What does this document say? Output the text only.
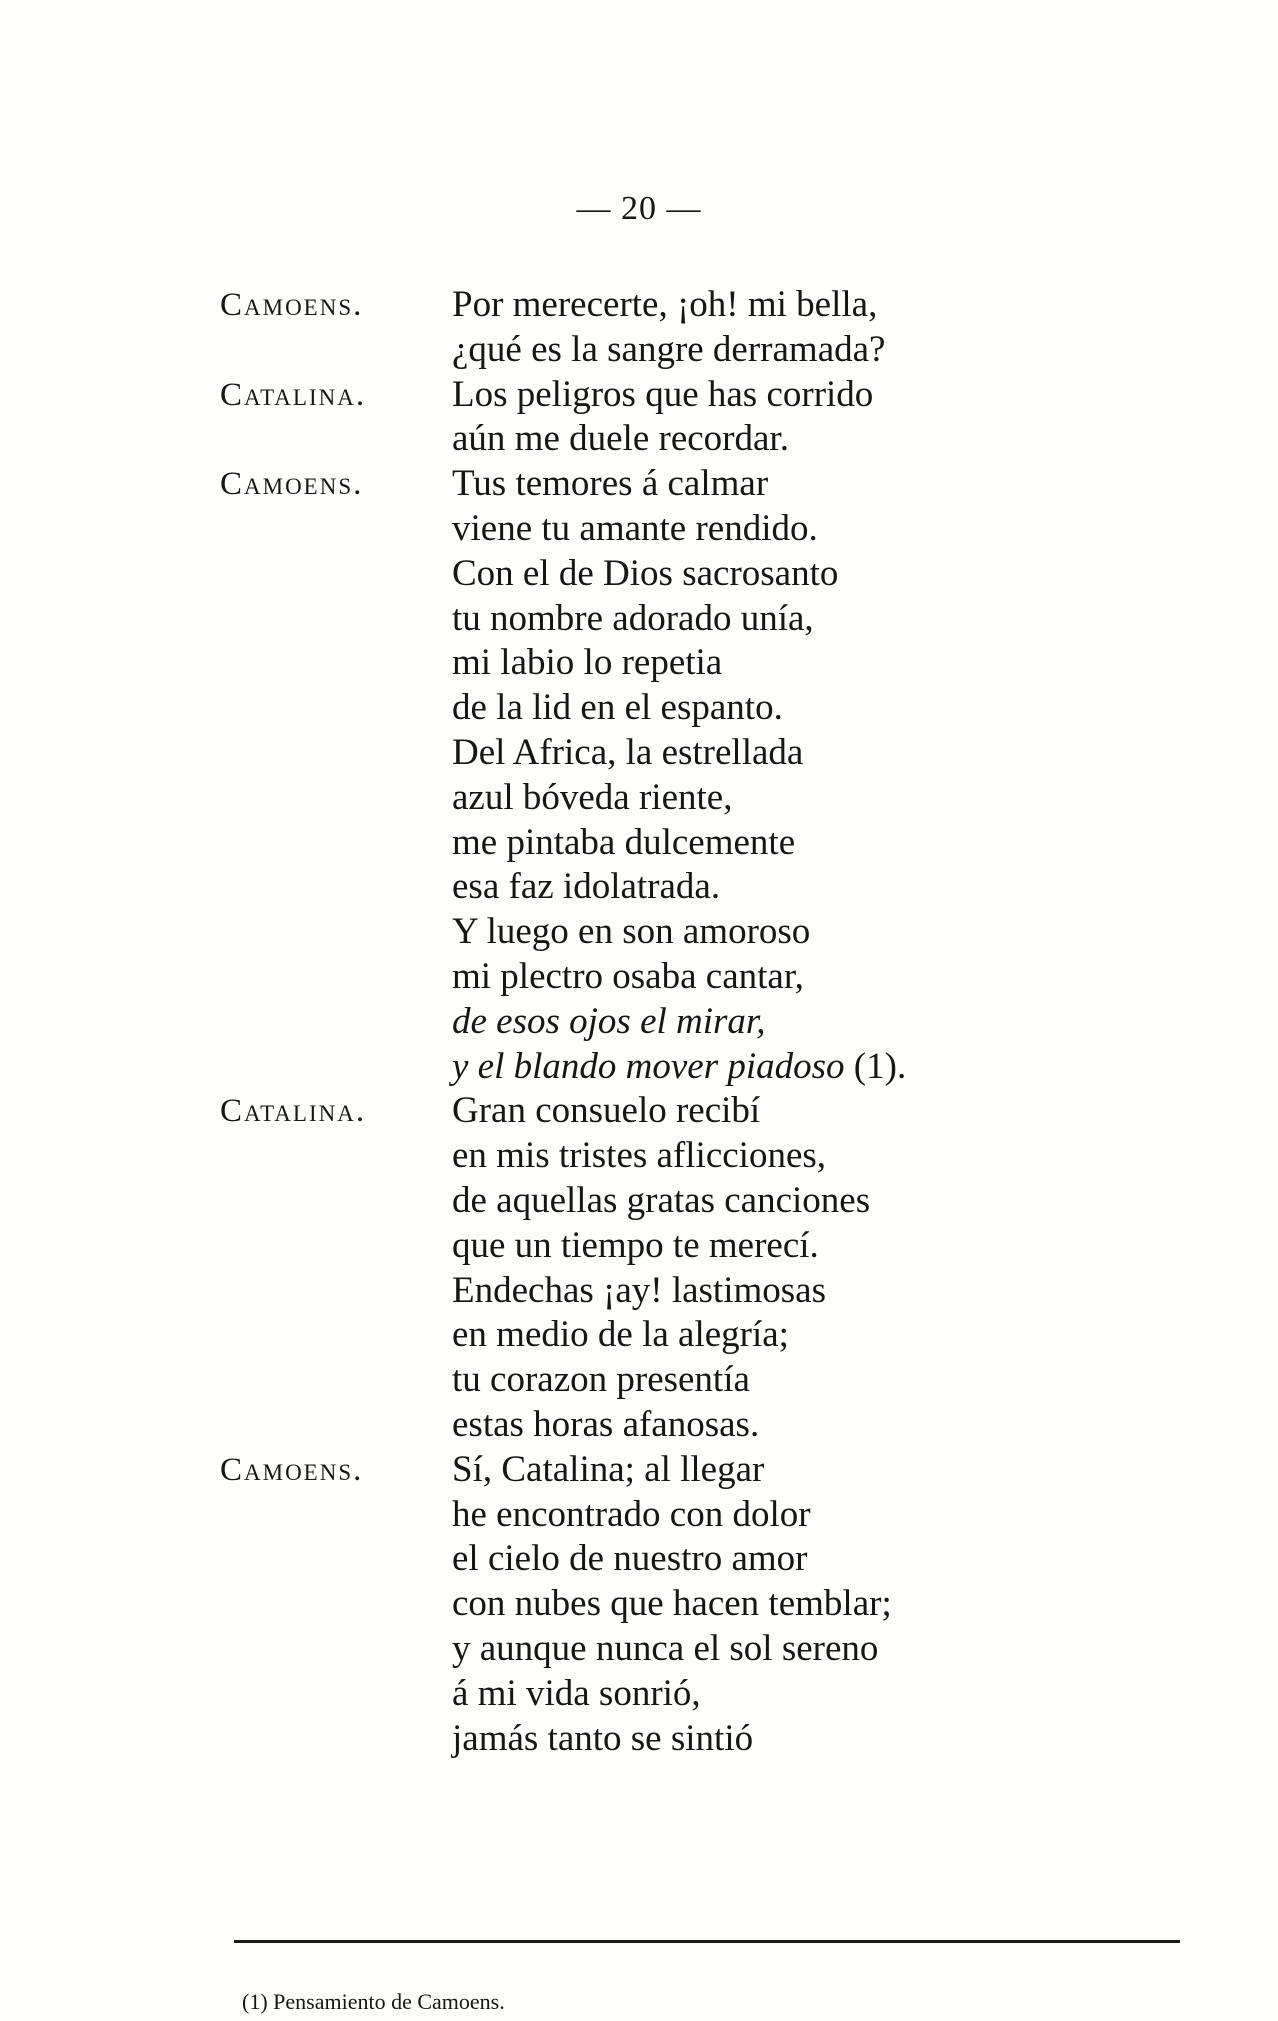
— 20 —
Camoens. Por merecerte, ¡oh! mi bella,
¿qué es la sangre derramada?
Catalina. Los peligros que has corrido
aún me duele recordar.
Camoens. Tus temores á calmar
viene tu amante rendido.
Con el de Dios sacrosanto
tu nombre adorado unía,
mi labio lo repetia
de la lid en el espanto.
Del Africa, la estrellada
azul bóveda riente,
me pintaba dulcemente
esa faz idolatrada.
Y luego en son amoroso
mi plectro osaba cantar,
de esos ojos el mirar,
y el blando mover piadoso (1).
Catalina. Gran consuelo recibí
en mis tristes aflicciones,
de aquellas gratas canciones
que un tiempo te merecí.
Endechas ¡ay! lastimosas
en medio de la alegría;
tu corazon presentía
estas horas afanosas.
Camoens. Sí, Catalina; al llegar
he encontrado con dolor
el cielo de nuestro amor
con nubes que hacen temblar;
y aunque nunca el sol sereno
á mi vida sonrió,
jamás tanto se sintió
(1) Pensamiento de Camoens.
